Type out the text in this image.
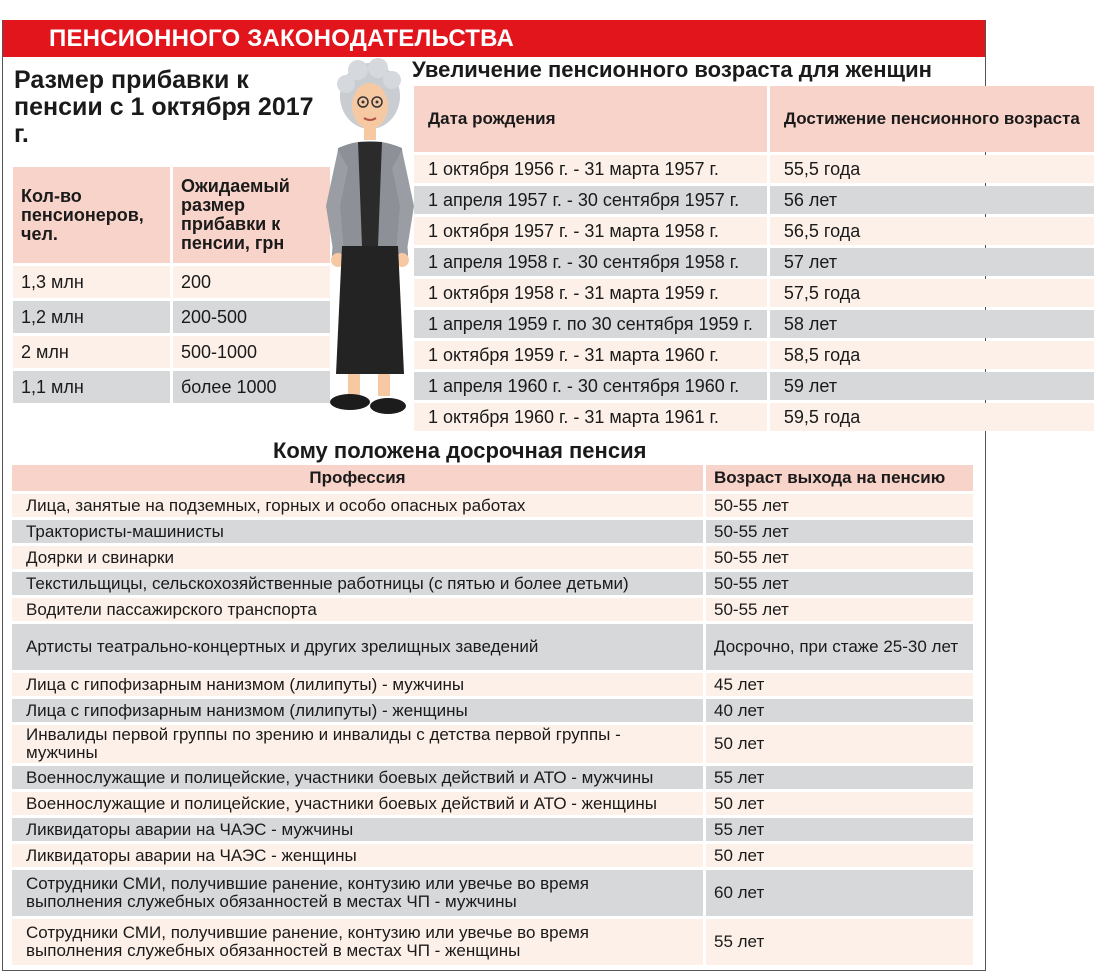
ПЕНСИОННОГО ЗАКОНОДАТЕЛЬСТВА
Размер прибавки к пенсии с 1 октября 2017 г.
Кол-во пенсионеров, чел.	Ожидаемый размер прибавки к пенсии, грн
1,3 млн	200
1,2 млн	200-500
2 млн	500-1000
1,1 млн	более 1000
Увеличение пенсионного возраста для женщин
Дата рождения	Достижение пенсионного возраста
1 октября 1956 г. - 31 марта 1957 г.	55,5 года
1 апреля 1957 г. - 30 сентября 1957 г.	56 лет
1 октября 1957 г. - 31 марта 1958 г.	56,5 года
1 апреля 1958 г. - 30 сентября 1958 г.	57 лет
1 октября 1958 г. - 31 марта 1959 г.	57,5 года
1 апреля 1959 г. по 30 сентября 1959 г.	58 лет
1 октября 1959 г. - 31 марта 1960 г.	58,5 года
1 апреля 1960 г. - 30 сентября 1960 г.	59 лет
1 октября 1960 г. - 31 марта 1961 г.	59,5 года
Кому положена досрочная пенсия
Профессия	Возраст выхода на пенсию
Лица, занятые на подземных, горных и особо опасных работах	50-55 лет
Трактористы-машинисты	50-55 лет
Доярки и свинарки	50-55 лет
Текстильщицы, сельскохозяйственные работницы (с пятью и более детьми)	50-55 лет
Водители пассажирского транспорта	50-55 лет
Артисты театрально-концертных и других зрелищных заведений	Досрочно, при стаже 25-30 лет
Лица с гипофизарным нанизмом (лилипуты) - мужчины	45 лет
Лица с гипофизарным нанизмом (лилипуты) - женщины	40 лет
Инвалиды первой группы по зрению и инвалиды с детства первой группы - мужчины	50 лет
Военнослужащие и полицейские, участники боевых действий и АТО - мужчины	55 лет
Военнослужащие и полицейские, участники боевых действий и АТО - женщины	50 лет
Ликвидаторы аварии на ЧАЭС - мужчины	55 лет
Ликвидаторы аварии на ЧАЭС - женщины	50 лет
Сотрудники СМИ, получившие ранение, контузию или увечье во время выполнения служебных обязанностей в местах ЧП - мужчины	60 лет
Сотрудники СМИ, получившие ранение, контузию или увечье во время выполнения служебных обязанностей в местах ЧП - женщины	55 лет
